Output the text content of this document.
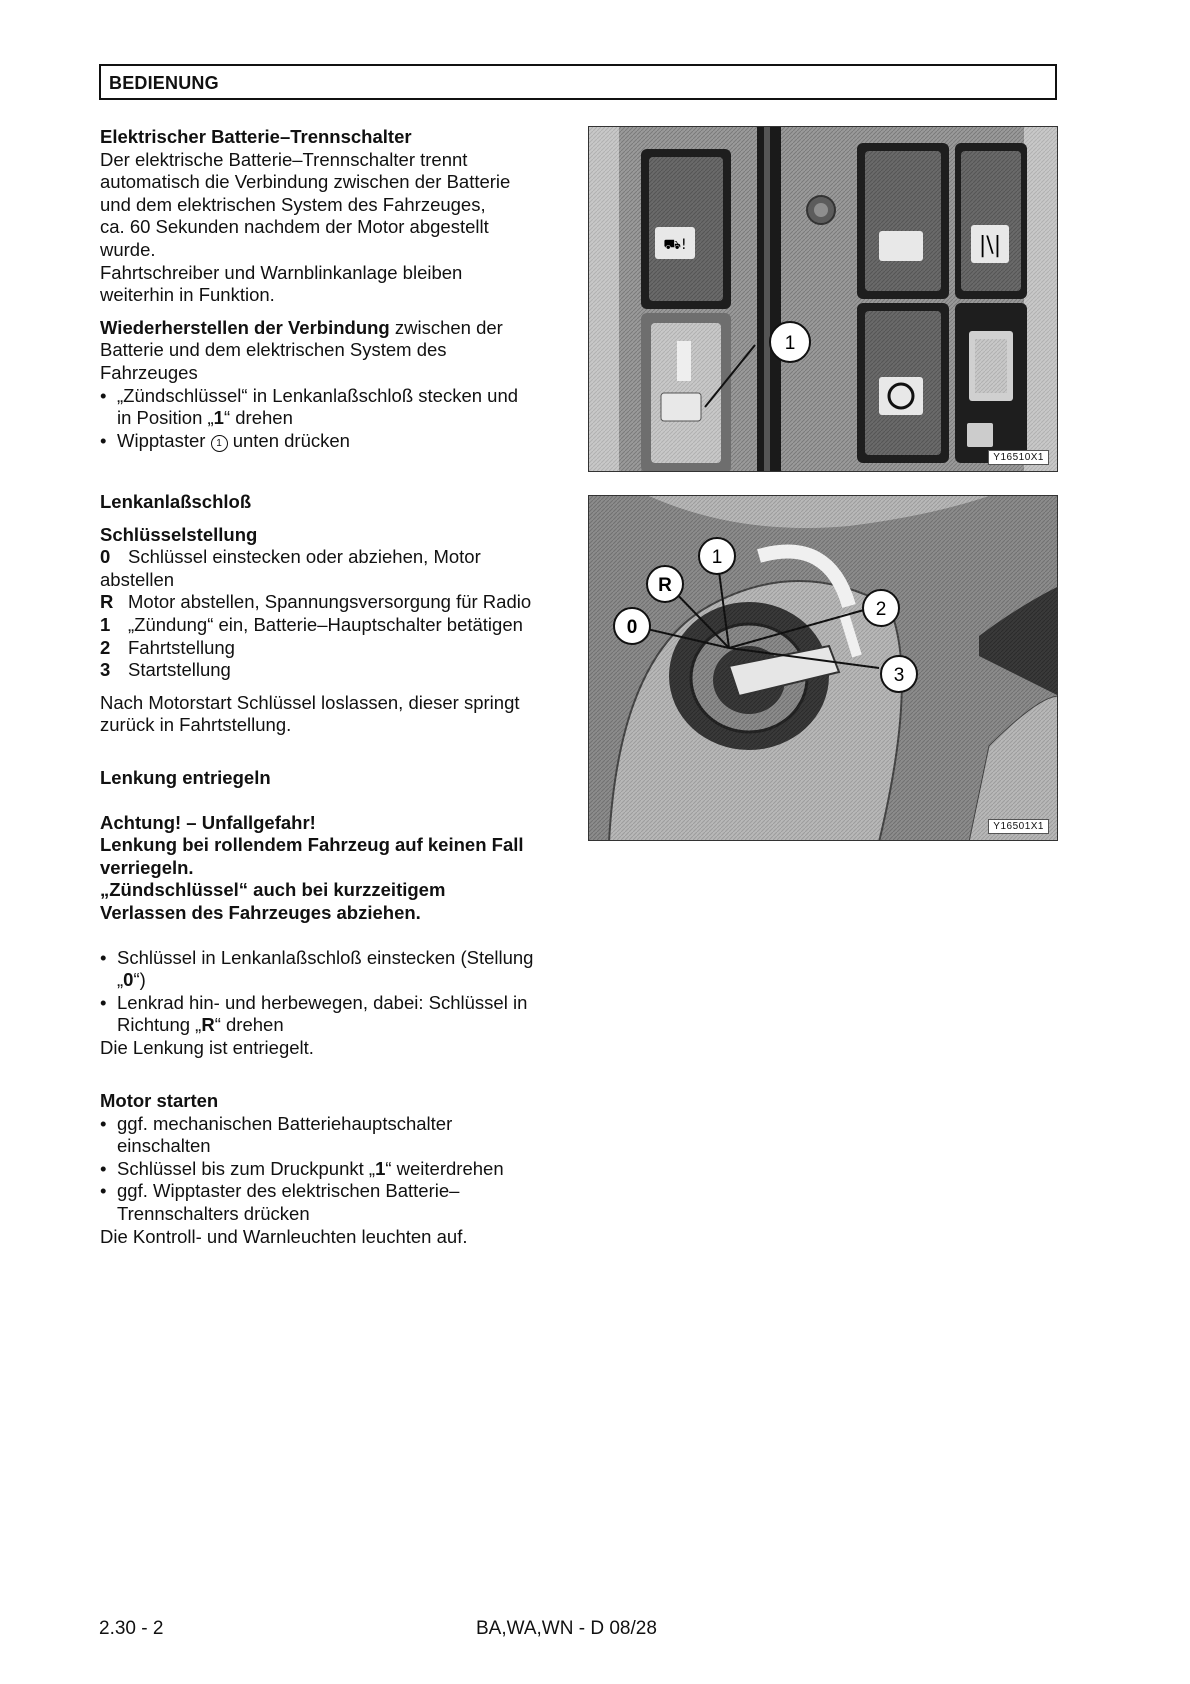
BEDIENUNG

Elektrischer Batterie–Trennschalter

Der elektrische Batterie–Trennschalter trennt

automatisch die Verbindung zwischen der Batterie

und dem elektrischen System des Fahrzeuges,

ca. 60 Sekunden nachdem der Motor abgestellt

wurde.

Fahrtschreiber und Warnblinkanlage bleiben

weiterhin in Funktion.

Wiederherstellen der Verbindung zwischen der

Batterie und dem elektrischen System des

Fahrzeuges

• „Zündschlüssel“ in Lenkanlaßschloß stecken und
in Position „1“ drehen
• Wipptaster 1 unten drücken

Lenkanlaßschloß

Schlüsselstellung

0 Schlüssel einstecken oder abziehen, Motor

abstellen

R Motor abstellen, Spannungsversorgung für Radio
1 „Zündung“ ein, Batterie–Hauptschalter betätigen
2 Fahrtstellung
3 Startstellung

Nach Motorstart Schlüssel loslassen, dieser springt

zurück in Fahrtstellung.

Lenkung entriegeln

Achtung! – Unfallgefahr!

Lenkung bei rollendem Fahrzeug auf keinen Fall

verriegeln.

„Zündschlüssel“ auch bei kurzzeitigem

Verlassen des Fahrzeuges abziehen.

• Schlüssel in Lenkanlaßschloß einstecken (Stellung
„0“)
• Lenkrad hin- und herbewegen, dabei: Schlüssel in
Richtung „R“ drehen

Die Lenkung ist entriegelt.

Motor starten

• ggf. mechanischen Batteriehauptschalter
einschalten
• Schlüssel bis zum Druckpunkt „1“ weiterdrehen
• ggf. Wipptaster des elektrischen Batterie–
Trennschalters drücken

Die Kontroll- und Warnleuchten leuchten auf.

⛟!	|\|
1
Y16510X1
1
R
0
2
3
Y16501X1
2.30 - 2	BA,WA,WN - D 08/28
